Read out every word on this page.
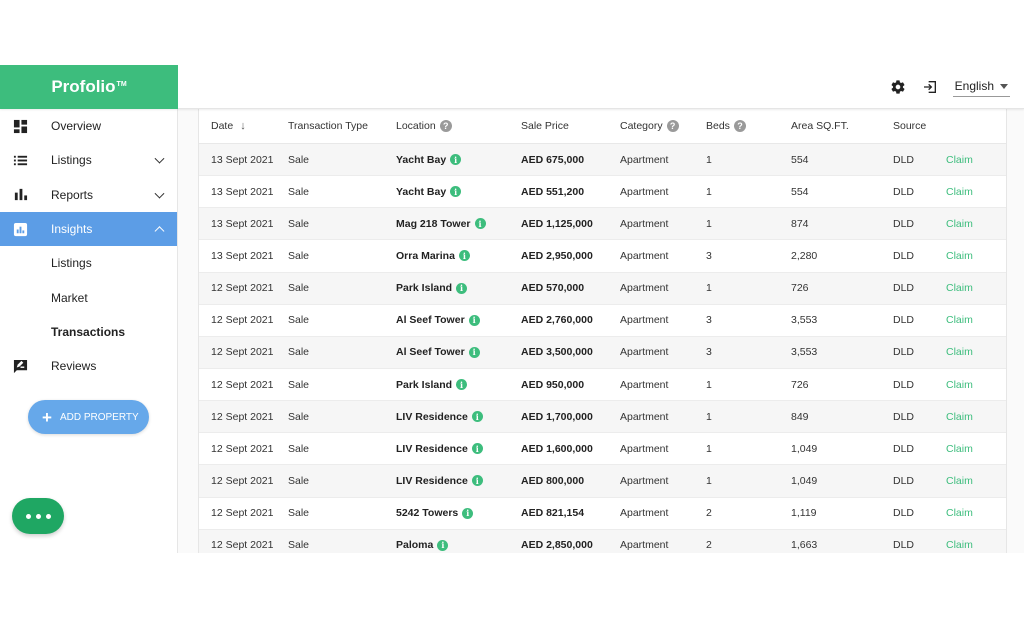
Profolio™	English
Overview
Listings
Reports
Insights
Listings
Market
Transactions
Reviews
+ ADD PROPERTY
Date ↓	Transaction Type	Location ?	Sale Price	Category ?	Beds ?	Area SQ.FT.	Source
13 Sept 2021 Sale	Yacht Bay i	AED 675,000	Apartment	1	554	DLD	Claim
13 Sept 2021 Sale	Yacht Bay i	AED 551,200	Apartment	1	554	DLD	Claim
13 Sept 2021 Sale	Mag 218 Tower i	AED 1,125,000	Apartment	1	874	DLD	Claim
13 Sept 2021 Sale	Orra Marina i	AED 2,950,000	Apartment	3	2,280	DLD	Claim
12 Sept 2021 Sale	Park Island i	AED 570,000	Apartment	1	726	DLD	Claim
12 Sept 2021 Sale	Al Seef Tower i	AED 2,760,000	Apartment	3	3,553	DLD	Claim
12 Sept 2021 Sale	Al Seef Tower i	AED 3,500,000	Apartment	3	3,553	DLD	Claim
12 Sept 2021 Sale	Park Island i	AED 950,000	Apartment	1	726	DLD	Claim
12 Sept 2021 Sale	LIV Residence i	AED 1,700,000	Apartment	1	849	DLD	Claim
12 Sept 2021 Sale	LIV Residence i	AED 1,600,000	Apartment	1	1,049	DLD	Claim
12 Sept 2021 Sale	LIV Residence i	AED 800,000	Apartment	1	1,049	DLD	Claim
12 Sept 2021 Sale	5242 Towers i	AED 821,154	Apartment	2	1,119	DLD	Claim
12 Sept 2021 Sale	Paloma i	AED 2,850,000	Apartment	2	1,663	DLD	Claim
